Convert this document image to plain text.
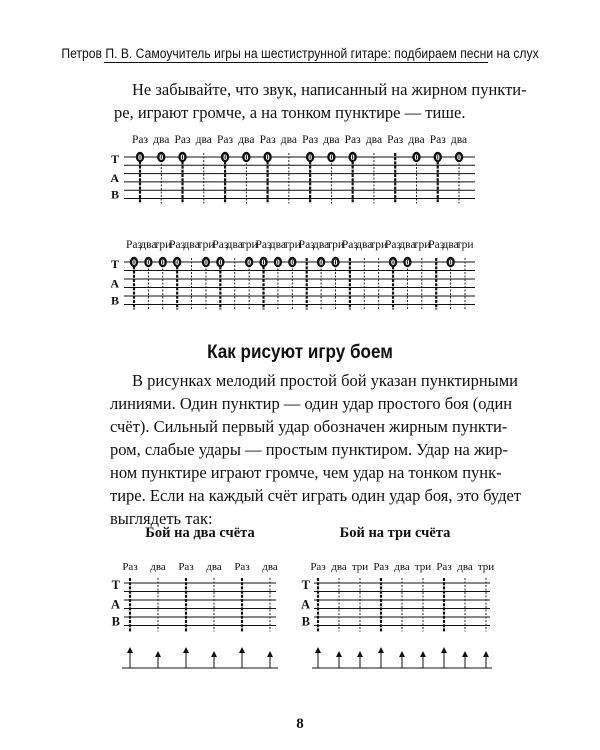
Петров П. В. Самоучитель игры на шестиструнной гитаре: подбираем песни на слух

Не забывайте, что звук, написанный на жирном пункти-

ре, играют громче, а на тонком пунктире — тише.

Т
А
В
Раз два Раз два Раз два Раз два Раз два Раз два Раз два Раз два
0 0 0	0 0 0	0 0 0	0 0 0
Т
А
В
Раз
два
три
Раз
два
три
Раз
два
три
Раз
два
три
Раз
два
три
Раз
два
три
Раз
два
три
Раз
два
три
0 0 0 0	0 0	0 0 0 0	0 0	0 0	0
Т
А
В
Раз два Раз два Раз два
Т
А
В
Раз два три Раз два три Раз два три
Как рисуют игру боем

В рисунках мелодий простой бой указан пунктирными

линиями. Один пунктир — один удар простого боя (один

счёт). Сильный первый удар обозначен жирным пункти-

ром, слабые удары — простым пунктиром. Удар на жир-

ном пунктире играют громче, чем удар на тонком пунк-

тире. Если на каждый счёт играть один удар боя, это будет

выглядеть так:

Бой на два счёта	Бой на три счёта
8
